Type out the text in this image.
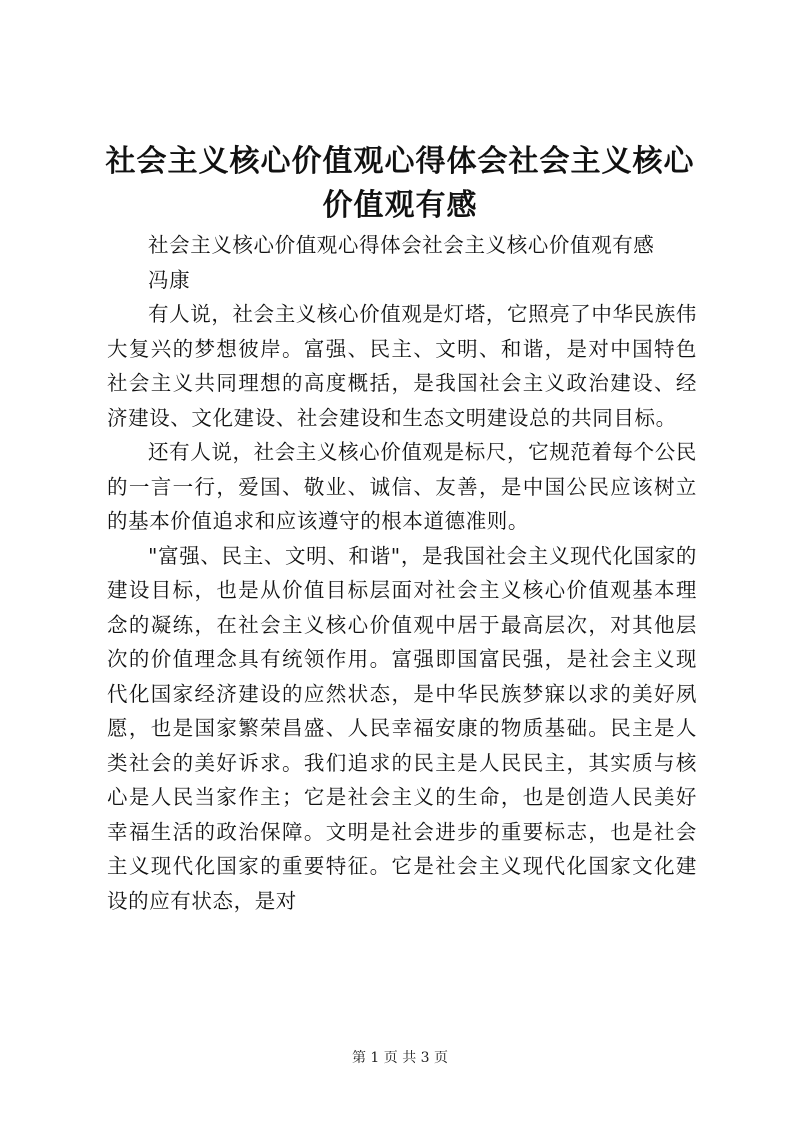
社会主义核心价值观心得体会社会主义核心价值观有感

社会主义核心价值观心得体会社会主义核心价值观有感

冯康

有人说，社会主义核心价值观是灯塔，它照亮了中华民族伟大复兴的梦想彼岸。富强、民主、文明、和谐，是对中国特色社会主义共同理想的高度概括，是我国社会主义政治建设、经济建设、文化建设、社会建设和生态文明建设总的共同目标。

还有人说，社会主义核心价值观是标尺，它规范着每个公民的一言一行，爱国、敬业、诚信、友善，是中国公民应该树立的基本价值追求和应该遵守的根本道德准则。

"富强、民主、文明、和谐"，是我国社会主义现代化国家的建设目标，也是从价值目标层面对社会主义核心价值观基本理念的凝练，在社会主义核心价值观中居于最高层次，对其他层次的价值理念具有统领作用。富强即国富民强，是社会主义现代化国家经济建设的应然状态，是中华民族梦寐以求的美好夙愿，也是国家繁荣昌盛、人民幸福安康的物质基础。民主是人类社会的美好诉求。我们追求的民主是人民民主，其实质与核心是人民当家作主；它是社会主义的生命，也是创造人民美好幸福生活的政治保障。文明是社会进步的重要标志，也是社会主义现代化国家的重要特征。它是社会主义现代化国家文化建设的应有状态，是对

第 1 页 共 3 页
